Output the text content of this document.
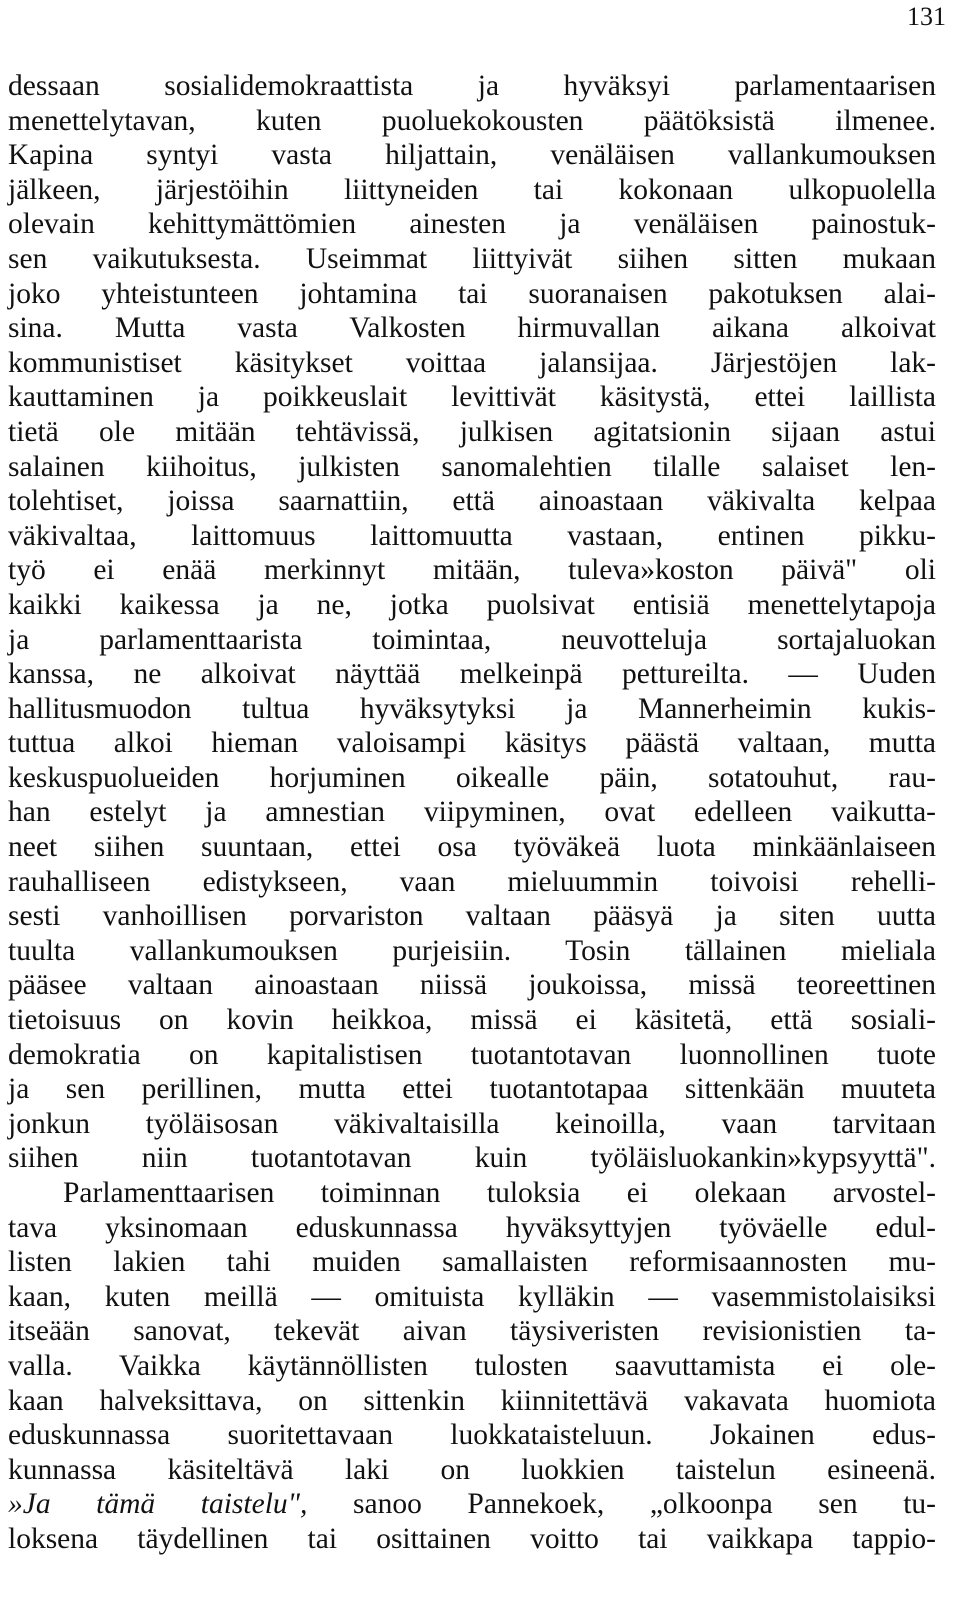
131
dessaan sosialidemokraattista ja hyväksyi parlamentaarisen
menettelytavan, kuten puoluekokousten päätöksistä ilmenee.
Kapina syntyi vasta hiljattain, venäläisen vallankumouksen
jälkeen, järjestöihin liittyneiden tai kokonaan ulkopuolella
olevain kehittymättömien ainesten ja venäläisen painostuk-
sen vaikutuksesta. Useimmat liittyivät siihen sitten mukaan
joko yhteistunteen johtamina tai suoranaisen pakotuksen alai-
sina. Mutta vasta Valkosten hirmuvallan aikana alkoivat
kommunistiset käsitykset voittaa jalansijaa. Järjestöjen lak-
kauttaminen ja poikkeuslait levittivät käsitystä, ettei laillista
tietä ole mitään tehtävissä, julkisen agitatsionin sijaan astui
salainen kiihoitus, julkisten sanomalehtien tilalle salaiset len-
tolehtiset, joissa saarnattiin, että ainoastaan väkivalta kelpaa
väkivaltaa, laittomuus laittomuutta vastaan, entinen pikku-
työ ei enää merkinnyt mitään, tuleva»koston päivä" oli
kaikki kaikessa ja ne, jotka puolsivat entisiä menettelytapoja
ja parlamenttaarista toimintaa, neuvotteluja sortajaluokan
kanssa, ne alkoivat näyttää melkeinpä pettureilta. — Uuden
hallitusmuodon tultua hyväksytyksi ja Mannerheimin kukis-
tuttua alkoi hieman valoisampi käsitys päästä valtaan, mutta
keskuspuolueiden horjuminen oikealle päin, sotatouhut, rau-
han estelyt ja amnestian viipyminen, ovat edelleen vaikutta-
neet siihen suuntaan, ettei osa työväkeä luota minkäänlaiseen
rauhalliseen edistykseen, vaan mieluummin toivoisi rehelli-
sesti vanhoillisen porvariston valtaan pääsyä ja siten uutta
tuulta vallankumouksen purjeisiin. Tosin tällainen mieliala
pääsee valtaan ainoastaan niissä joukoissa, missä teoreettinen
tietoisuus on kovin heikkoa, missä ei käsitetä, että sosiali-
demokratia on kapitalistisen tuotantotavan luonnollinen tuote
ja sen perillinen, mutta ettei tuotantotapaa sittenkään muuteta
jonkun työläisosan väkivaltaisilla keinoilla, vaan tarvitaan
siihen niin tuotantotavan kuin työläisluokankin»kypsyyttä".
Parlamenttaarisen toiminnan tuloksia ei olekaan arvostel-
tava yksinomaan eduskunnassa hyväksyttyjen työväelle edul-
listen lakien tahi muiden samallaisten reformisaannosten mu-
kaan, kuten meillä — omituista kylläkin — vasemmistolaisiksi
itseään sanovat, tekevät aivan täysiveristen revisionistien ta-
valla. Vaikka käytännöllisten tulosten saavuttamista ei ole-
kaan halveksittava, on sittenkin kiinnitettävä vakavata huomiota
eduskunnassa suoritettavaan luokkataisteluun. Jokainen edus-
kunnassa käsiteltävä laki on luokkien taistelun esineenä.
»Ja tämä taistelu", sanoo Pannekoek, „olkoonpa sen tu-
loksena täydellinen tai osittainen voitto tai vaikkapa tappio-
